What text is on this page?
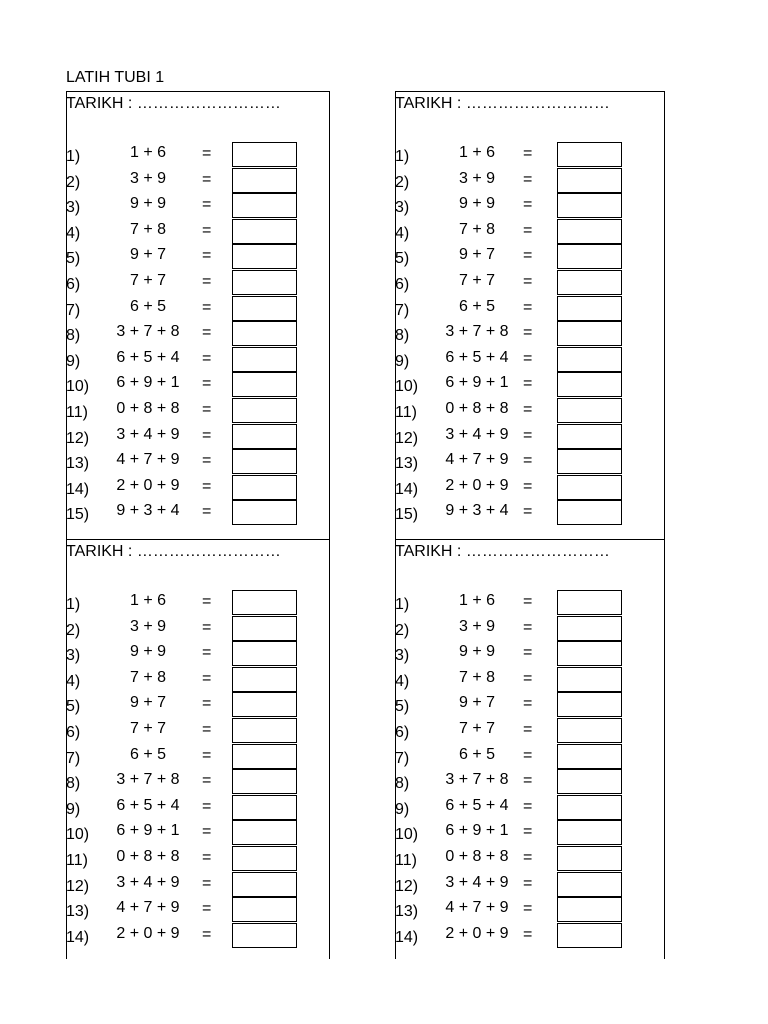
LATIH TUBI 1
TARIKH : ………………………
1)	1 + 6 =
2)	3 + 9 =
3)	9 + 9 =
4)	7 + 8 =
5)	9 + 7 =
6)	7 + 7 =
7)	6 + 5 =
8) 3 + 7 + 8 =
9) 6 + 5 + 4 =
10) 6 + 9 + 1 =
11) 0 + 8 + 8 =
12) 3 + 4 + 9 =
13) 4 + 7 + 9 =
14) 2 + 0 + 9 =
15) 9 + 3 + 4 =
TARIKH : ………………………
1)	1 + 6 =
2)	3 + 9 =
3)	9 + 9 =
4)	7 + 8 =
5)	9 + 7 =
6)	7 + 7 =
7)	6 + 5 =
8) 3 + 7 + 8 =
9) 6 + 5 + 4 =
10) 6 + 9 + 1 =
11) 0 + 8 + 8 =
12) 3 + 4 + 9 =
13) 4 + 7 + 9 =
14) 2 + 0 + 9 =
15) 9 + 3 + 4 =
TARIKH : ………………………
1)	1 + 6 =
2)	3 + 9 =
3)	9 + 9 =
4)	7 + 8 =
5)	9 + 7 =
6)	7 + 7 =
7)	6 + 5 =
8) 3 + 7 + 8 =
9) 6 + 5 + 4 =
10) 6 + 9 + 1 =
11) 0 + 8 + 8 =
12) 3 + 4 + 9 =
13) 4 + 7 + 9 =
14) 2 + 0 + 9 =
TARIKH : ………………………
1)	1 + 6 =
2)	3 + 9 =
3)	9 + 9 =
4)	7 + 8 =
5)	9 + 7 =
6)	7 + 7 =
7)	6 + 5 =
8) 3 + 7 + 8 =
9) 6 + 5 + 4 =
10) 6 + 9 + 1 =
11) 0 + 8 + 8 =
12) 3 + 4 + 9 =
13) 4 + 7 + 9 =
14) 2 + 0 + 9 =
